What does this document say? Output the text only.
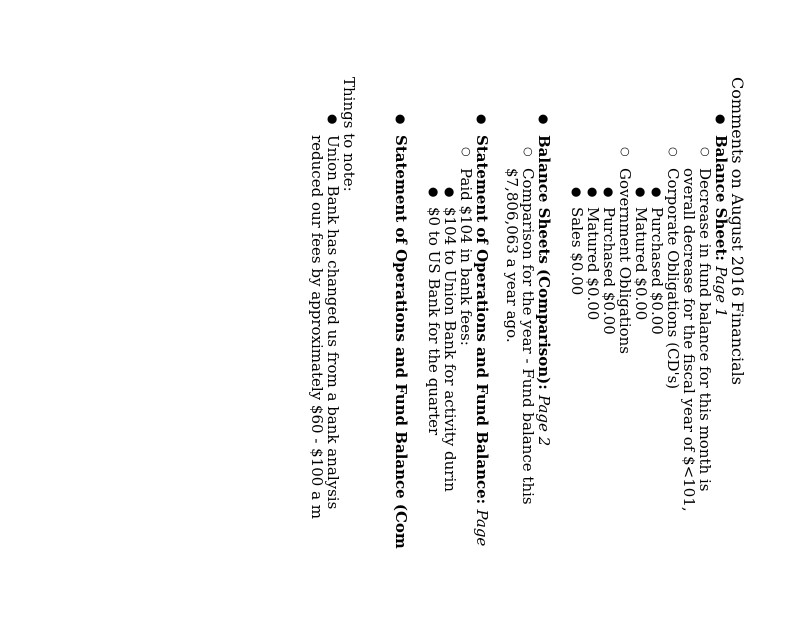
Comments on August 2016 Financials
●
Balance Sheet: Page 1
○
Decrease in fund balance for this month is
overall decrease for the fiscal year of $<101,
○
Corporate Obligations (CD's)
●
Purchased $0.00
●
Matured $0.00
○
Government Obligations
●
Purchased $0.00
●
Matured $0.00
●
Sales $0.00
●
Balance Sheets (Comparison): Page 2
○
Comparison for the year - Fund balance this
$7,806,063 a year ago.
●
Statement of Operations and Fund Balance: Page
○
Paid $104 in bank fees:
●
$104 to Union Bank for activity durin
●
$0 to US Bank for the quarter
●
Statement of Operations and Fund Balance (Com
Things to note:
●
Union Bank has changed us from a bank analysis
reduced our fees by approximately $60 - $100 a m
